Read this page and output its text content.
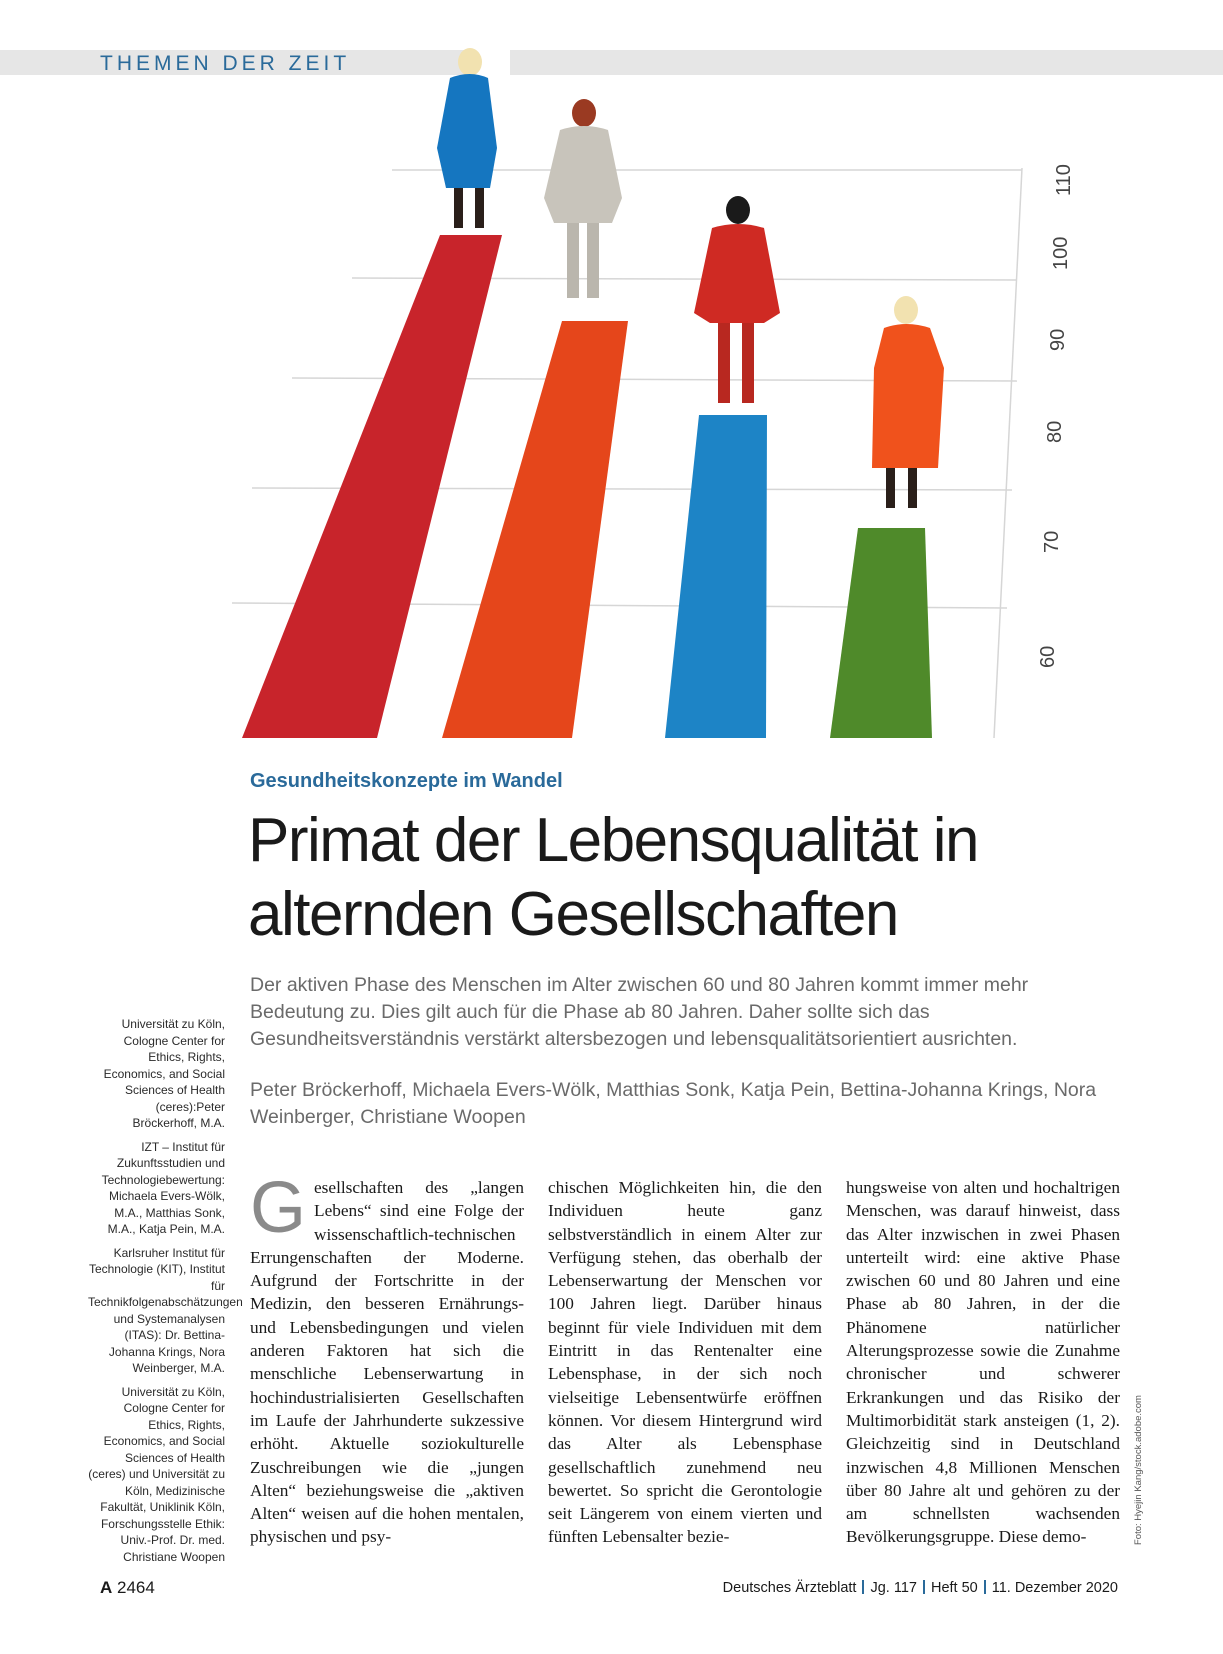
THEMEN DER ZEIT
60
70
80
90
100
110
Gesundheitskonzepte im Wandel
Primat der Lebensqualität in alternden Gesellschaften

Der aktiven Phase des Menschen im Alter zwischen 60 und 80 Jahren kommt immer mehr Bedeutung zu. Dies gilt auch für die Phase ab 80 Jahren. Daher sollte sich das Gesundheitsverständnis verstärkt altersbezogen und lebensqualitätsorientiert ausrichten.

Peter Bröckerhoff, Michaela Evers-Wölk, Matthias Sonk, Katja Pein, Bettina-Johanna Krings, Nora Weinberger, Christiane Woopen

Universität zu Köln, Cologne Center for Ethics, Rights, Economics, and Social Sciences of Health (ceres):Peter Bröckerhoff, M.A.

IZT – Institut für Zukunftsstudien und Technologiebewertung: Michaela Evers-Wölk, M.A., Matthias Sonk, M.A., Katja Pein, M.A.

Karlsruher Institut für Technologie (KIT), Institut für Technikfolgenabschätzungen und Systemanalysen (ITAS): Dr. Bettina-Johanna Krings, Nora Weinberger, M.A.

Universität zu Köln, Cologne Center for Ethics, Rights, Economics, and Social Sciences of Health (ceres) und Universität zu Köln, Medizinische Fakultät, Uniklinik Köln, Forschungsstelle Ethik: Univ.-Prof. Dr. med. Christiane Woopen

Gesellschaften des „langen Lebens“ sind eine Folge der wissenschaftlich-technischen Errungenschaften der Moderne. Aufgrund der Fortschritte in der Medizin, den besseren Ernährungs- und Lebensbedingungen und vielen anderen Faktoren hat sich die menschliche Lebenserwartung in hochindustrialisierten Gesellschaften im Laufe der Jahrhunderte sukzessive erhöht. Aktuelle soziokulturelle Zuschreibungen wie die „jungen Alten“ beziehungsweise die „aktiven Alten“ weisen auf die hohen mentalen, physischen und psy-

chischen Möglichkeiten hin, die den Individuen heute ganz selbstverständlich in einem Alter zur Verfügung stehen, das oberhalb der Lebenserwartung der Menschen vor 100 Jahren liegt. Darüber hinaus beginnt für viele Individuen mit dem Eintritt in das Rentenalter eine Lebensphase, in der sich noch vielseitige Lebensentwürfe eröffnen können. Vor diesem Hintergrund wird das Alter als Lebensphase gesellschaftlich zunehmend neu bewertet. So spricht die Gerontologie seit Längerem von einem vierten und fünften Lebensalter bezie-

hungsweise von alten und hochaltrigen Menschen, was darauf hinweist, dass das Alter inzwischen in zwei Phasen unterteilt wird: eine aktive Phase zwischen 60 und 80 Jahren und eine Phase ab 80 Jahren, in der die Phänomene natürlicher Alterungsprozesse sowie die Zunahme chronischer und schwerer Erkrankungen und das Risiko der Multimorbidität stark ansteigen (1, 2). Gleichzeitig sind in Deutschland inzwischen 4,8 Millionen Menschen über 80 Jahre alt und gehören zu der am schnellsten wachsenden Bevölkerungsgruppe. Diese demo-	Foto: Hyejin Kang/stock.adobe.com
A 2464	Deutsches Ärzteblatt Jg. 117 Heft 50 11. Dezember 2020
